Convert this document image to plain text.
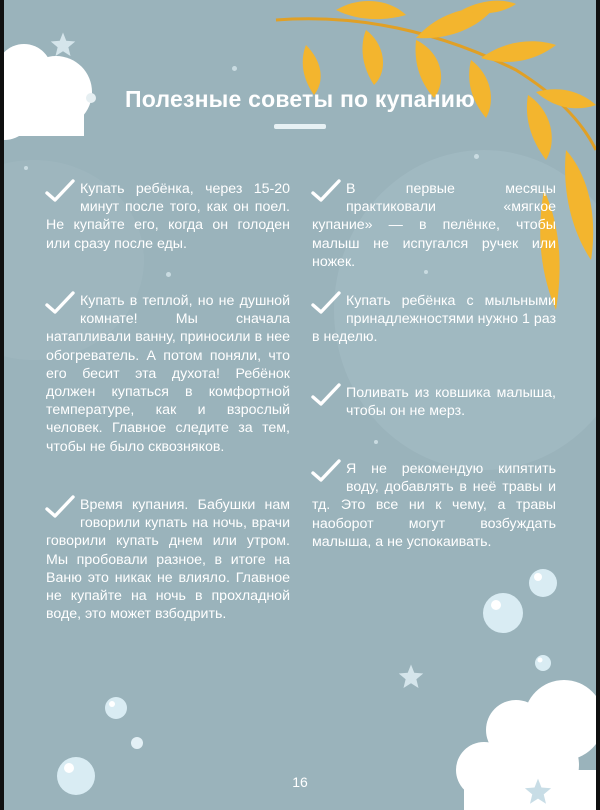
Полезные советы по купанию

Купать ребёнка, через 15-20 минут после того, как он поел. Не купайте его, когда он голоден или сразу после еды.

Купать в теплой, но не душной комнате! Мы сначала натапливали ванну, приносили в нее обогреватель. А потом поняли, что его бесит эта духота! Ребёнок должен купаться в комфортной температуре, как и взрослый человек. Главное следите за тем, чтобы не было сквозняков.

Время купания. Бабушки нам говорили купать на ночь, врачи говорили купать днем или утром. Мы пробовали разное, в итоге на Ваню это никак не влияло. Главное не купайте на ночь в прохладной воде, это может взбодрить.

В первые месяцы практиковали «мягкое купание» — в пелёнке, чтобы малыш не испугался ручек или ножек.

Купать ребёнка с мыльными принадлежностями нужно 1 раз в неделю.

Поливать из ковшика малыша, чтобы он не мерз.

Я не рекомендую кипятить воду, добавлять в неё травы и тд. Это все ни к чему, а травы наоборот могут возбуждать малыша, а не успокаивать.

16
